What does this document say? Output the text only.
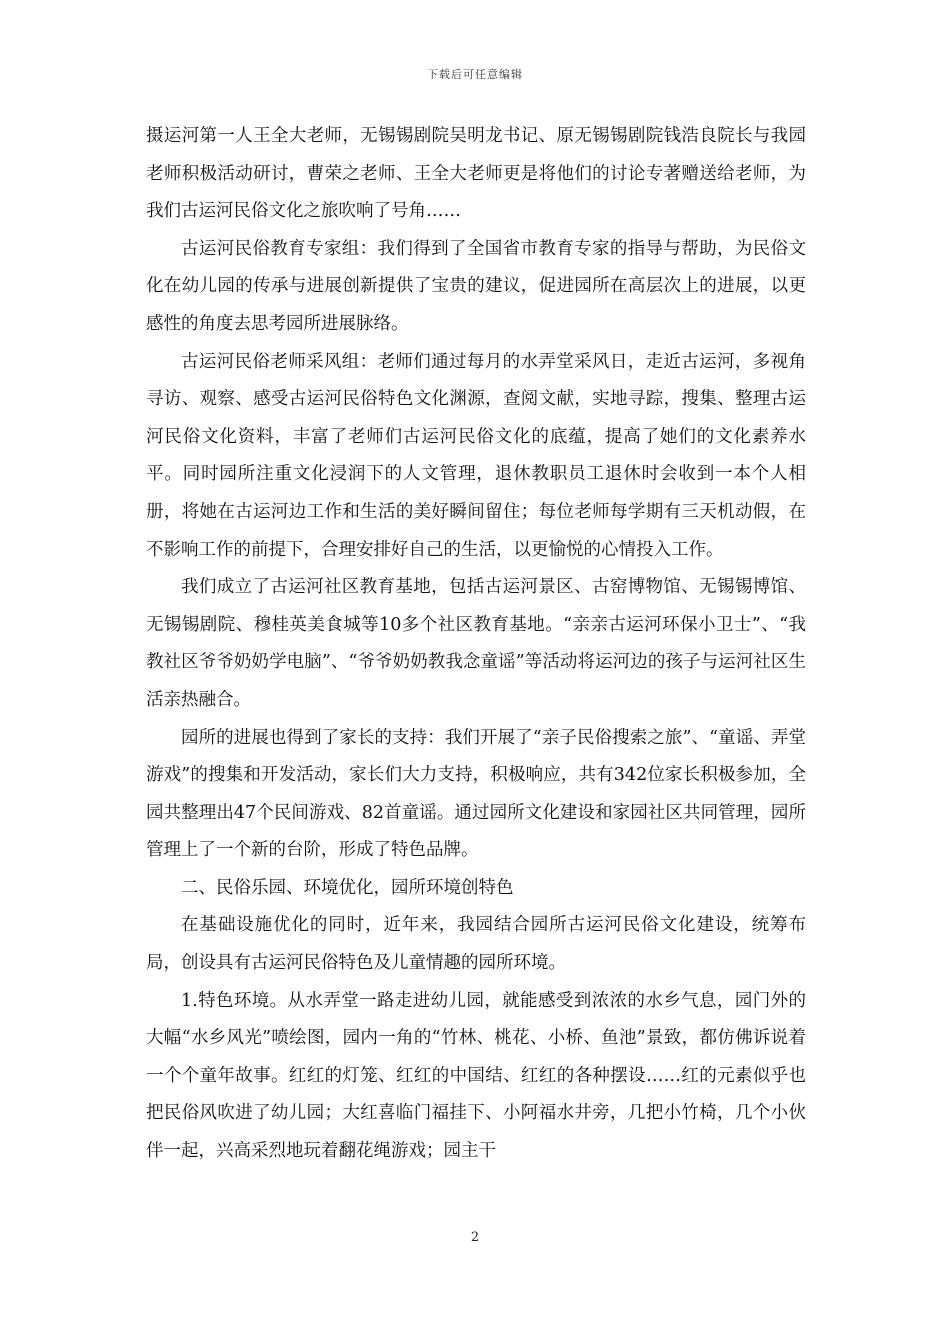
下载后可任意编辑

摄运河第一人王全大老师，无锡锡剧院吴明龙书记、原无锡锡剧院钱浩良院长与我园老师积极活动研讨，曹荣之老师、王全大老师更是将他们的讨论专著赠送给老师，为我们古运河民俗文化之旅吹响了号角……

古运河民俗教育专家组：我们得到了全国省市教育专家的指导与帮助，为民俗文化在幼儿园的传承与进展创新提供了宝贵的建议，促进园所在高层次上的进展，以更感性的角度去思考园所进展脉络。

古运河民俗老师采风组：老师们通过每月的水弄堂采风日，走近古运河，多视角寻访、观察、感受古运河民俗特色文化渊源，查阅文献，实地寻踪，搜集、整理古运河民俗文化资料，丰富了老师们古运河民俗文化的底蕴，提高了她们的文化素养水平。同时园所注重文化浸润下的人文管理，退休教职员工退休时会收到一本个人相册，将她在古运河边工作和生活的美好瞬间留住；每位老师每学期有三天机动假，在不影响工作的前提下，合理安排好自己的生活，以更愉悦的心情投入工作。

我们成立了古运河社区教育基地，包括古运河景区、古窑博物馆、无锡锡博馆、无锡锡剧院、穆桂英美食城等10多个社区教育基地。“亲亲古运河环保小卫士”、“我教社区爷爷奶奶学电脑”、“爷爷奶奶教我念童谣”等活动将运河边的孩子与运河社区生活亲热融合。

园所的进展也得到了家长的支持：我们开展了“亲子民俗搜索之旅”、“童谣、弄堂游戏”的搜集和开发活动，家长们大力支持，积极响应，共有342位家长积极参加，全园共整理出47个民间游戏、82首童谣。通过园所文化建设和家园社区共同管理，园所管理上了一个新的台阶，形成了特色品牌。

二、民俗乐园、环境优化，园所环境创特色

在基础设施优化的同时，近年来，我园结合园所古运河民俗文化建设，统筹布局，创设具有古运河民俗特色及儿童情趣的园所环境。

1.特色环境。从水弄堂一路走进幼儿园，就能感受到浓浓的水乡气息，园门外的大幅“水乡风光”喷绘图，园内一角的“竹林、桃花、小桥、鱼池”景致，都仿佛诉说着一个个童年故事。红红的灯笼、红红的中国结、红红的各种摆设……红的元素似乎也把民俗风吹进了幼儿园；大红喜临门福挂下、小阿福水井旁，几把小竹椅，几个小伙伴一起，兴高采烈地玩着翻花绳游戏；园主干

2
